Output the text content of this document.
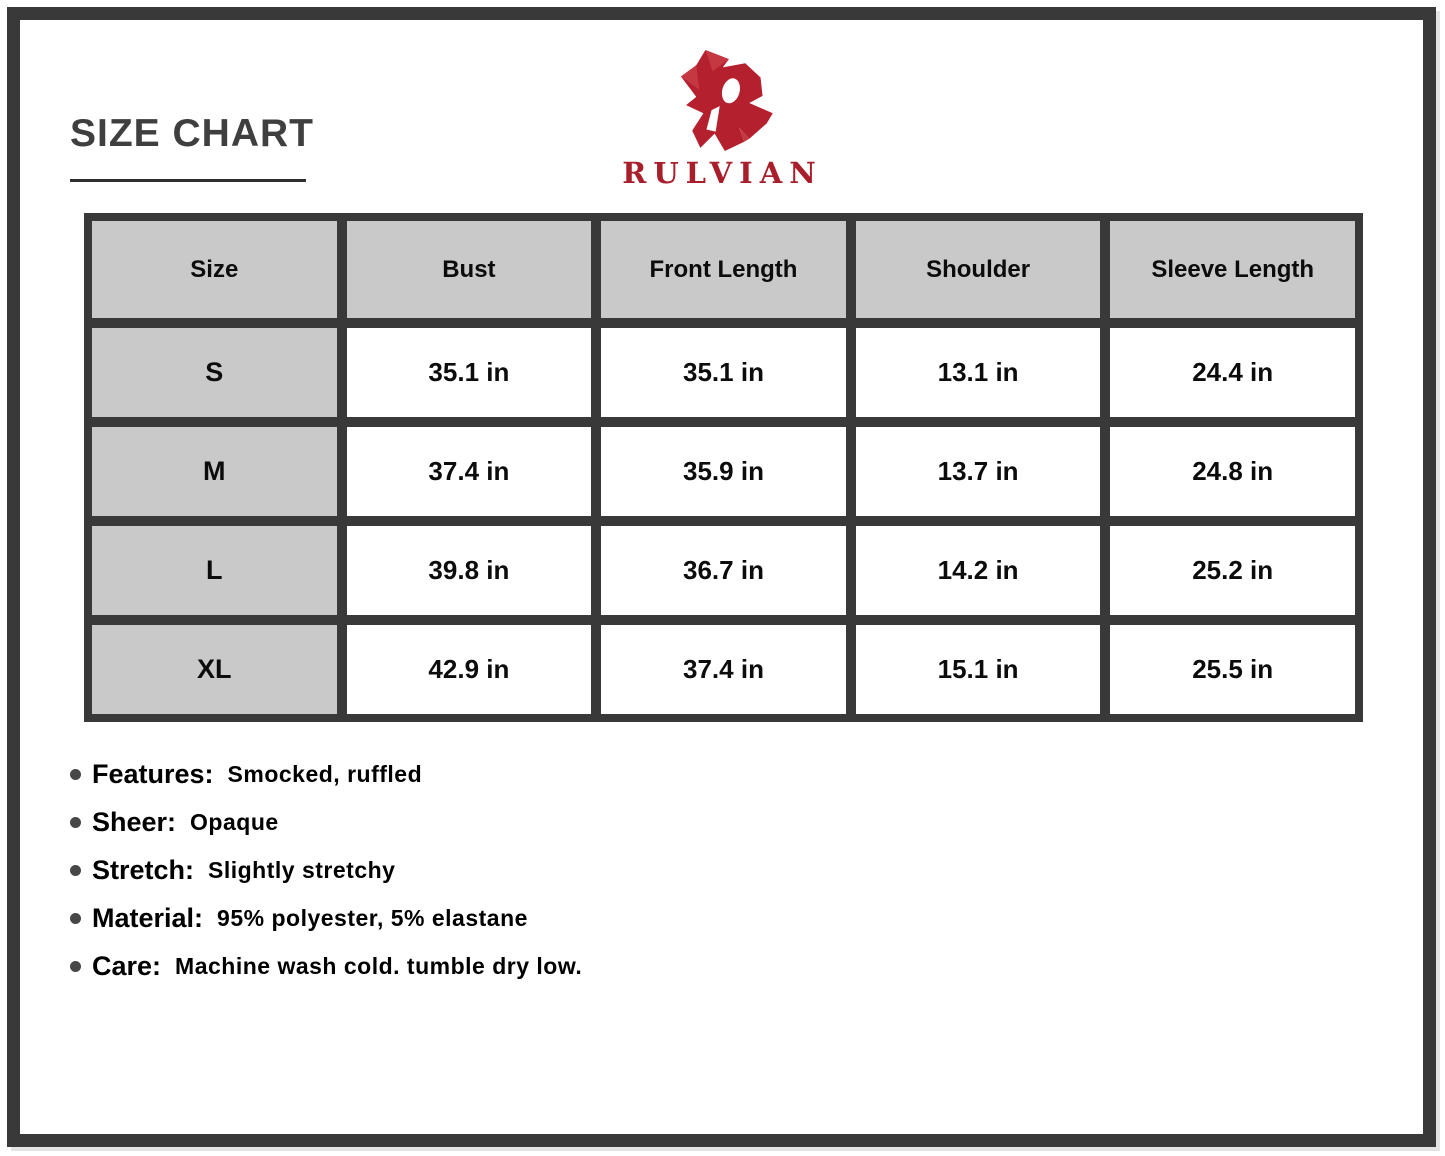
SIZE CHART
RULVIAN
Size	Bust	Front Length	Shoulder	Sleeve Length
S	35.1 in	35.1 in	13.1 in	24.4 in
M	37.4 in	35.9 in	13.7 in	24.8 in
L	39.8 in	36.7 in	14.2 in	25.2 in
XL	42.9 in	37.4 in	15.1 in	25.5 in
Features: Smocked, ruffled
Sheer: Opaque
Stretch: Slightly stretchy
Material: 95% polyester, 5% elastane
Care: Machine wash cold. tumble dry low.
